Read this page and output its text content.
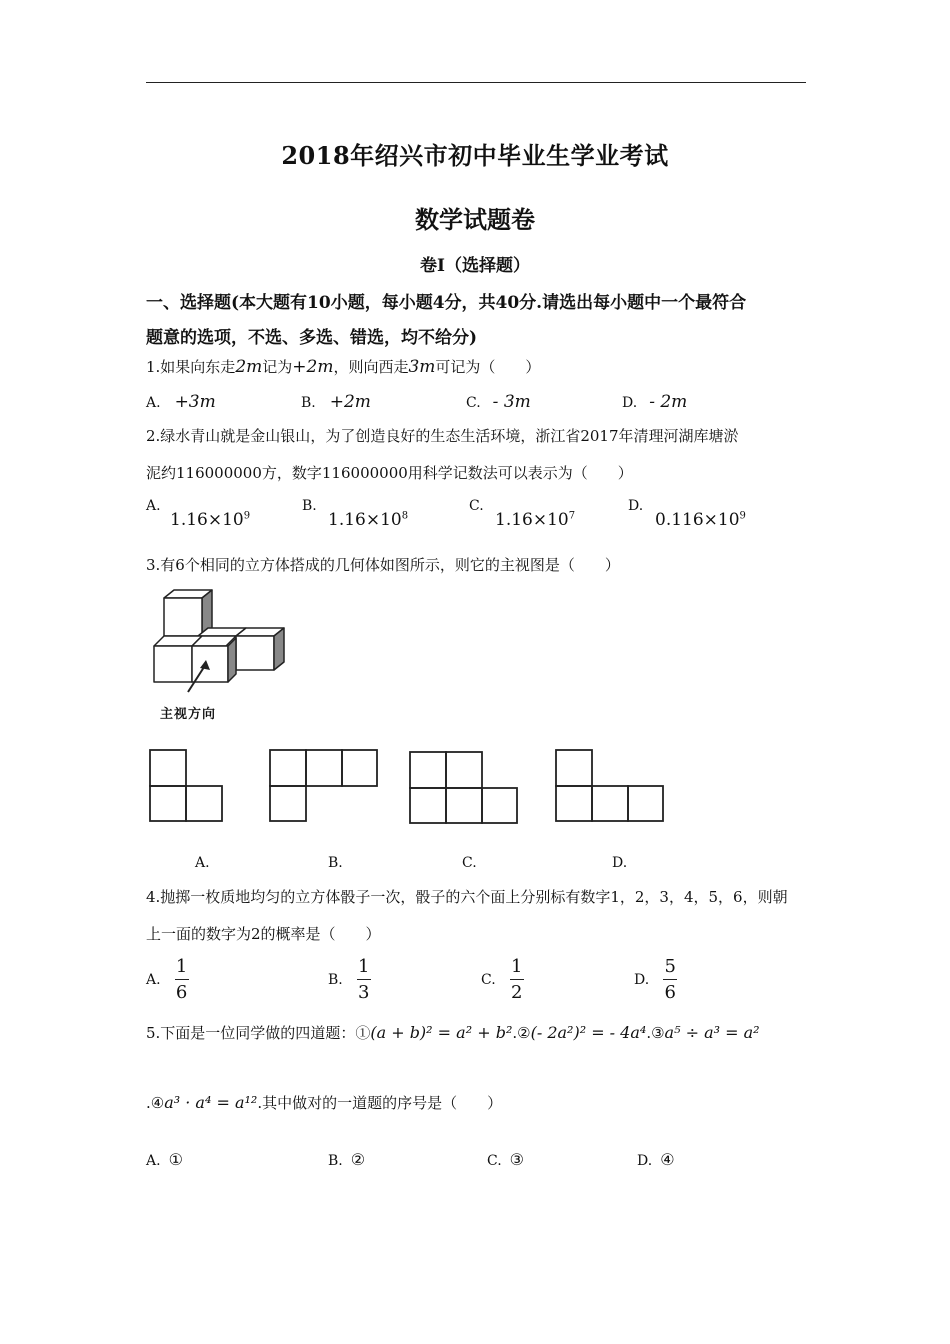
2018年绍兴市初中毕业生学业考试
数学试题卷
卷Ⅰ（选择题）
一、选择题(本大题有10小题，每小题4分，共40分.请选出每小题中一个最符合
题意的选项，不选、多选、错选，均不给分)
1.如果向东走2m记为+2m，则向西走3m可记为（　　）
A. +3m	B. +2m	C. - 3m	D. - 2m
2.绿水青山就是金山银山，为了创造良好的生态生活环境，浙江省2017年清理河湖库塘淤
泥约116000000方，数字116000000用科学记数法可以表示为（　　）
A.
$1.16\times 10^9$
B.
$1.16\times 10^8$
C.
$1.16\times 10^7$
D.
$0.116\times 10^9$
3.有6个相同的立方体搭成的几何体如图所示，则它的主视图是（　　）
主视方向
A.	B.	C.	D.
4.抛掷一枚质地均匀的立方体骰子一次，骰子的六个面上分别标有数字1，2，3，4，5，6，则朝
上一面的数字为2的概率是（　　）
A. $\frac{1}{6}$	B. $\frac{1}{3}$	C. $\frac{1}{2}$	D. $\frac{5}{6}$
5.下面是一位同学做的四道题：①(a + b)² = a² + b².②(- 2a²)² = - 4a⁴.③a⁵ ÷ a³ = a²
.④a³ · a⁴ = a¹².其中做对的一道题的序号是（　　）
A. ①	B. ②	C. ③	D. ④
